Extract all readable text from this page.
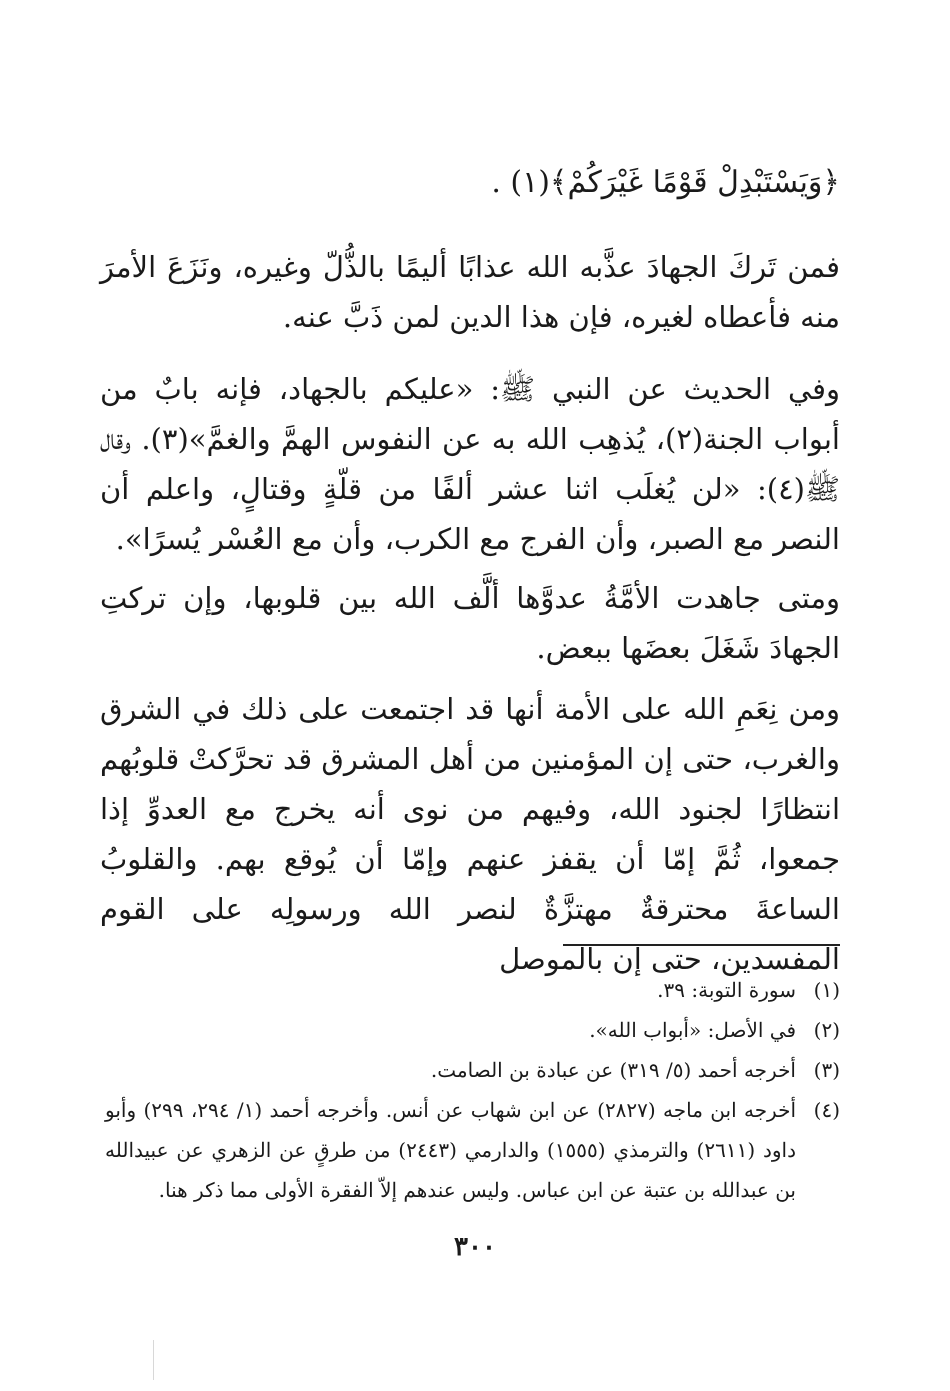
﴿وَيَسْتَبْدِلْ قَوْمًا غَيْرَكُمْ﴾(١) .

فمن تَركَ الجهادَ عذَّبه الله عذابًا أليمًا بالذُّلّ وغيره، ونَزَعَ الأمرَ منه فأعطاه لغيره، فإن هذا الدين لمن ذَبَّ عنه.

وفي الحديث عن النبي ﷺ: «عليكم بالجهاد، فإنه بابٌ من أبواب الجنة(٢)، يُذهِب الله به عن النفوس الهمَّ والغمَّ»(٣). وقال ﷺ(٤): «لن يُغلَب اثنا عشر ألفًا من قلّةٍ وقتالٍ، واعلم أن النصر مع الصبر، وأن الفرج مع الكرب، وأن مع العُسْر يُسرًا».

ومتى جاهدت الأمَّةُ عدوَّها ألَّف الله بين قلوبها، وإن تركتِ الجهادَ شَغَلَ بعضَها ببعض.

ومن نِعَمِ الله على الأمة أنها قد اجتمعت على ذلك في الشرق والغرب، حتى إن المؤمنين من أهل المشرق قد تحرَّكتْ قلوبُهم انتظارًا لجنود الله، وفيهم من نوى أنه يخرج مع العدوِّ إذا جمعوا، ثُمَّ إمّا أن يقفز عنهم وإمّا أن يُوقع بهم. والقلوبُ الساعةَ محترقةٌ مهتزَّةٌ لنصر الله ورسولِه على القوم المفسدين، حتى إن بالموصل

(١)
سورة التوبة: ٣٩.
(٢)
في الأصل: «أبواب الله».
(٣)
أخرجه أحمد (٥/ ٣١٩) عن عبادة بن الصامت.
(٤)
أخرجه ابن ماجه (٢٨٢٧) عن ابن شهاب عن أنس. وأخرجه أحمد (١/ ٢٩٤، ٢٩٩) وأبو داود (٢٦١١) والترمذي (١٥٥٥) والدارمي (٢٤٤٣) من طرقٍ عن الزهري عن عبيدالله بن عبدالله بن عتبة عن ابن عباس. وليس عندهم إلاّ الفقرة الأولى مما ذكر هنا.
٣٠٠
